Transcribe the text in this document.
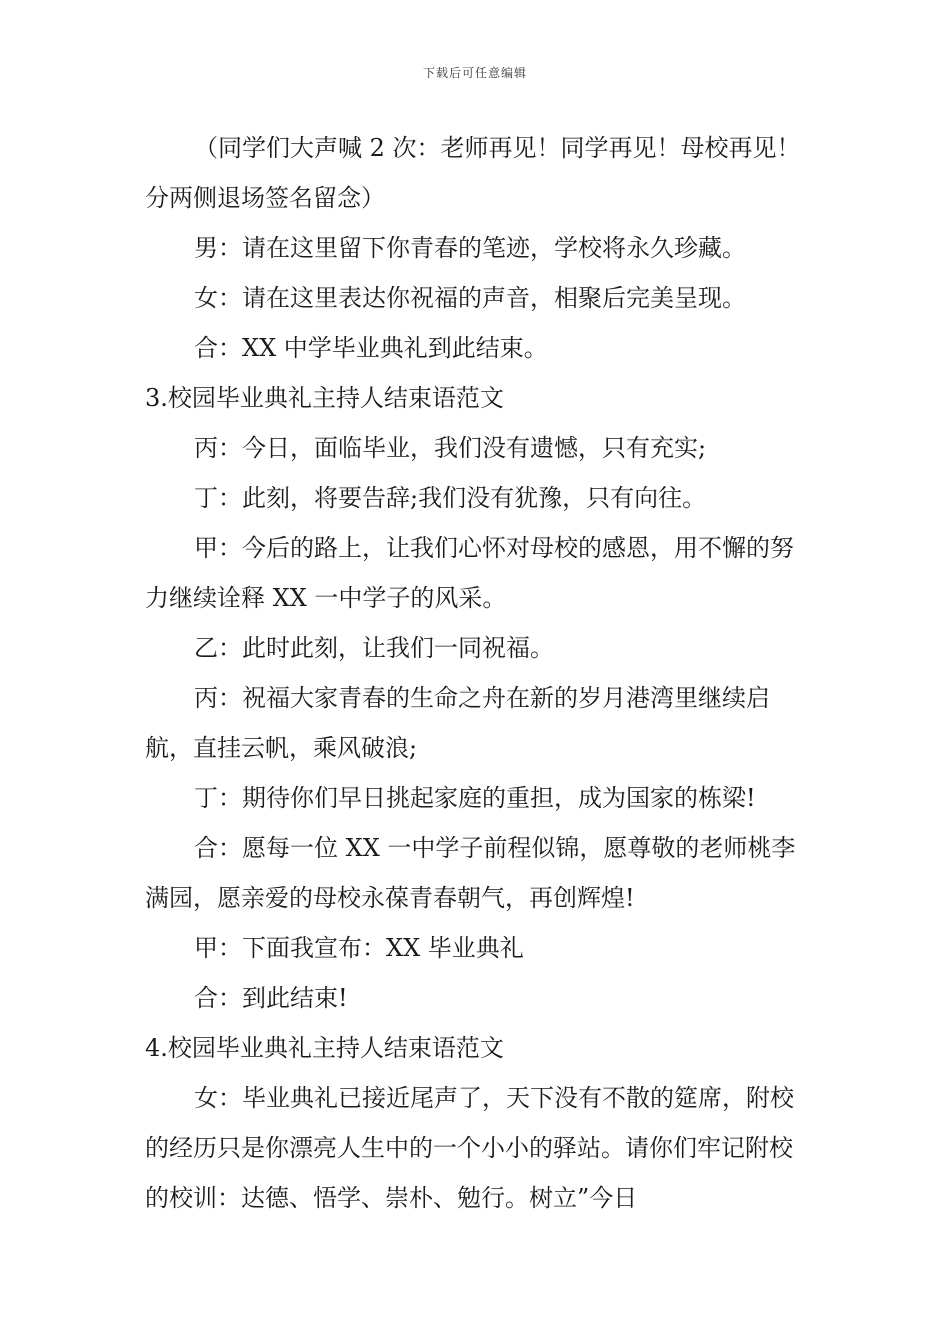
下载后可任意编辑

（同学们大声喊 2 次：老师再见！同学再见！母校再见！分两侧退场签名留念）

男：请在这里留下你青春的笔迹，学校将永久珍藏。

女：请在这里表达你祝福的声音，相聚后完美呈现。

合：XX 中学毕业典礼到此结束。

3.校园毕业典礼主持人结束语范文

丙：今日，面临毕业，我们没有遗憾，只有充实;

丁：此刻，将要告辞;我们没有犹豫，只有向往。

甲：今后的路上，让我们心怀对母校的感恩，用不懈的努力继续诠释 XX 一中学子的风采。

乙：此时此刻，让我们一同祝福。

丙：祝福大家青春的生命之舟在新的岁月港湾里继续启航，直挂云帆，乘风破浪;

丁：期待你们早日挑起家庭的重担，成为国家的栋梁!

合：愿每一位 XX 一中学子前程似锦，愿尊敬的老师桃李满园，愿亲爱的母校永葆青春朝气，再创辉煌!

甲：下面我宣布：XX 毕业典礼

合：到此结束!

4.校园毕业典礼主持人结束语范文

女：毕业典礼已接近尾声了，天下没有不散的筵席，附校的经历只是你漂亮人生中的一个小小的驿站。请你们牢记附校的校训：达德、悟学、崇朴、勉行。树立”今日
